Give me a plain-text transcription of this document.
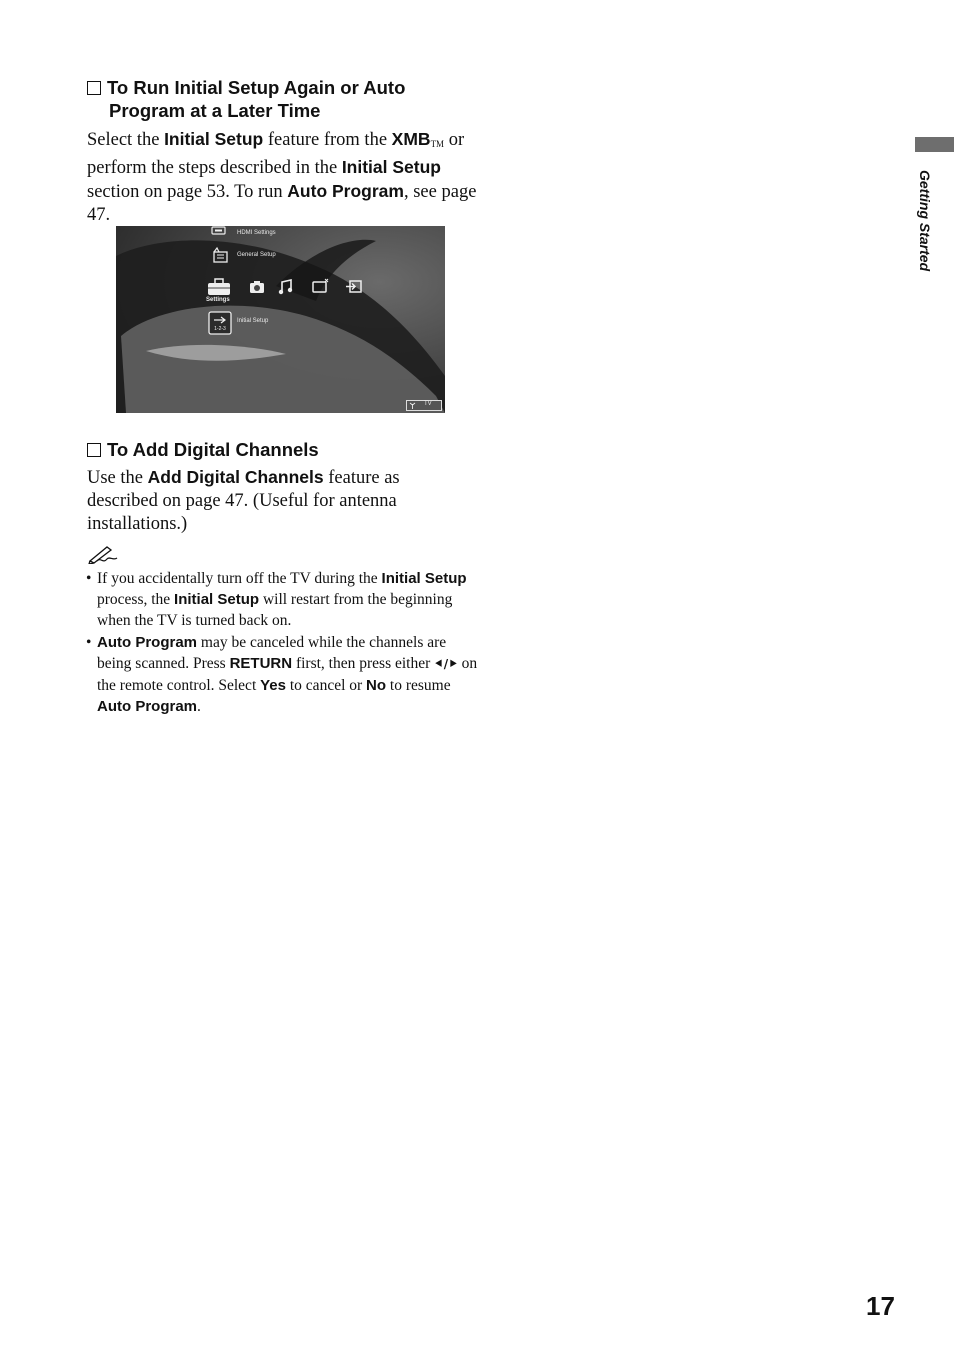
To Run Initial Setup Again or Auto
Program at a Later Time
Select the Initial Setup feature from the XMBTM or perform the steps described in the Initial Setup section on page 53. To run Auto Program, see page 47.
HDMI Settings
General Setup
Settings
1-2-3
Initial Setup
TV
To Add Digital Channels
Use the Add Digital Channels feature as described on page 47. (Useful for antenna installations.)
• If you accidentally turn off the TV during the Initial Setup process, the Initial Setup will restart from the beginning when the TV is turned back on.
• Auto Program may be canceled while the channels are being scanned. Press RETURN first, then press either ⯇/⯈ on the remote control. Select Yes to cancel or No to resume Auto Program.
Getting Started
17
